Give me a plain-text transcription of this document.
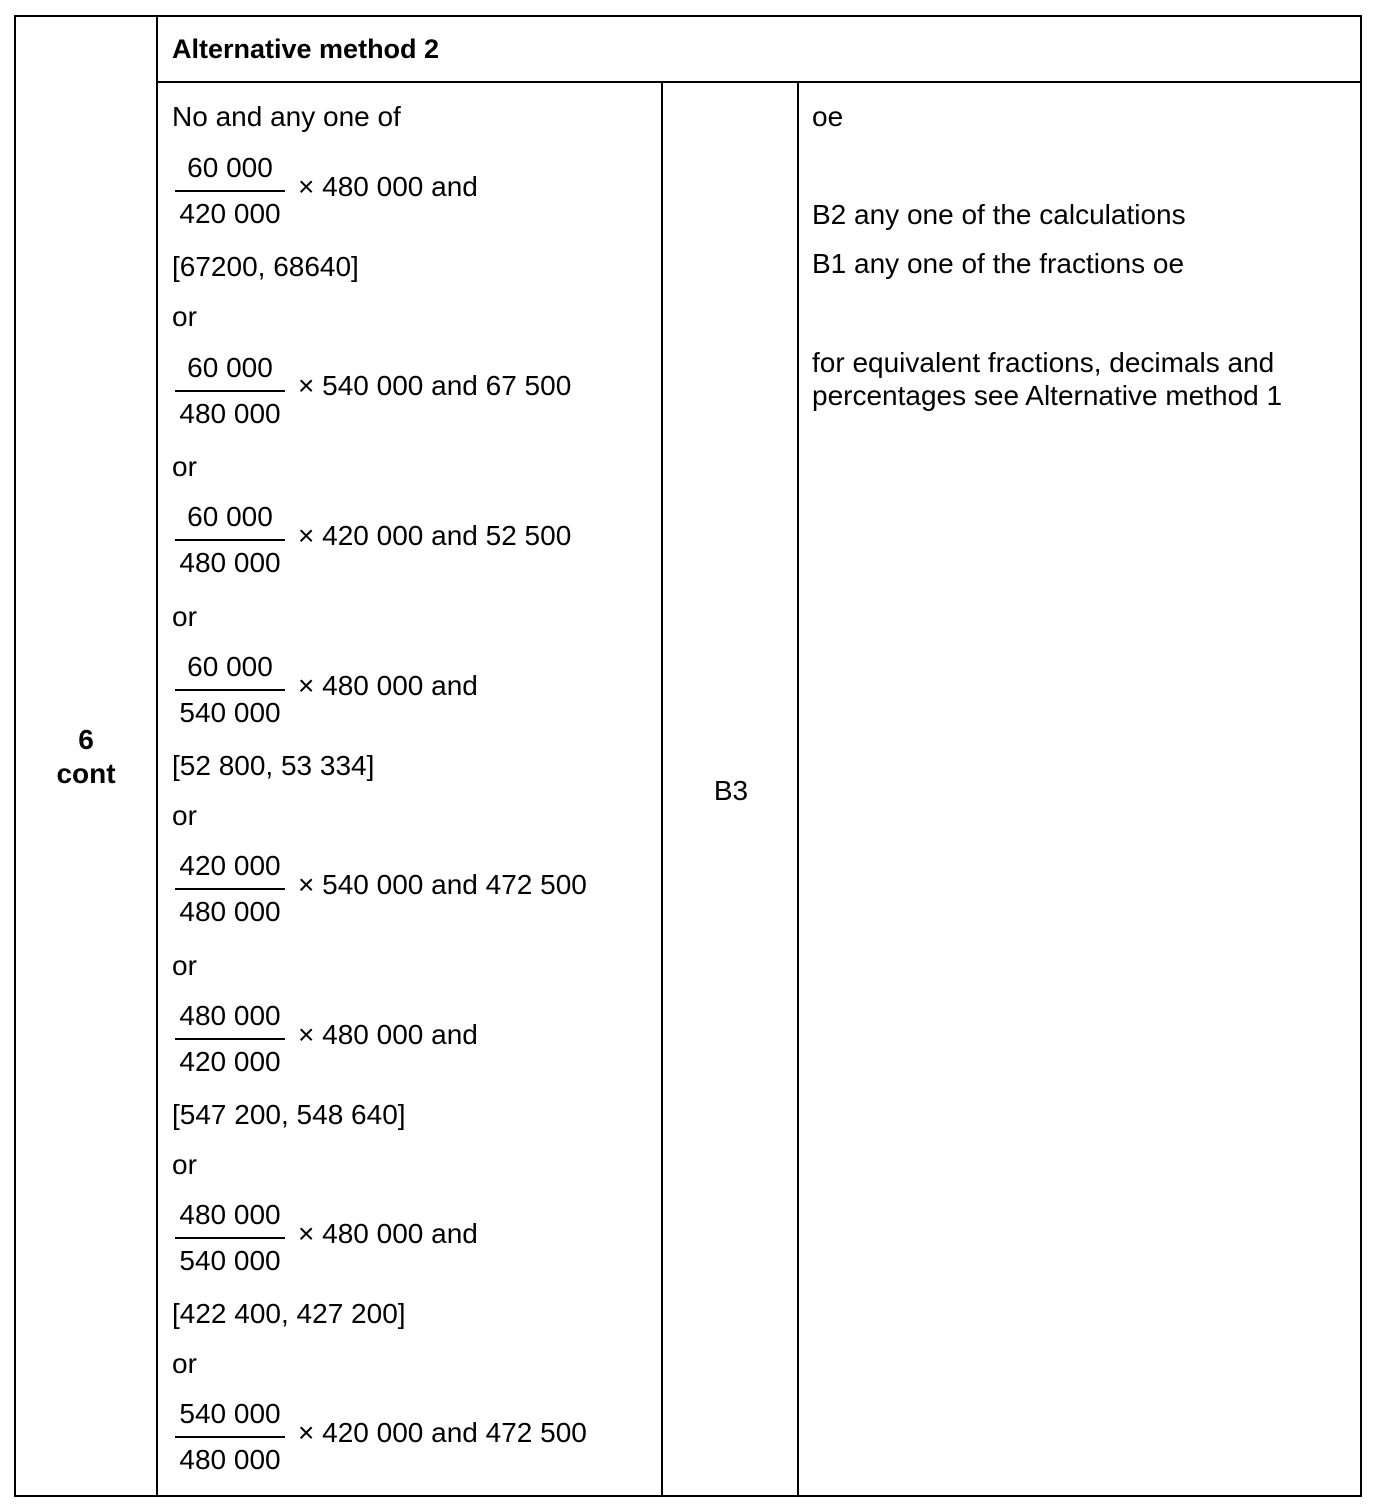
6
cont
Alternative method 2
No and any one of
60 000
420 000
× 480 000 and
[67200, 68640]
or
60 000
480 000
× 540 000 and 67 500
or
60 000
480 000
× 420 000 and 52 500
or
60 000
540 000
× 480 000 and
[52 800, 53 334]
or
420 000
480 000
× 540 000 and 472 500
or
480 000
420 000
× 480 000 and
[547 200, 548 640]
or
480 000
540 000
× 480 000 and
[422 400, 427 200]
or
540 000
480 000
× 420 000 and 472 500
B3
oe
B2 any one of the calculations
B1 any one of the fractions oe
for equivalent fractions, decimals and
percentages see Alternative method 1
